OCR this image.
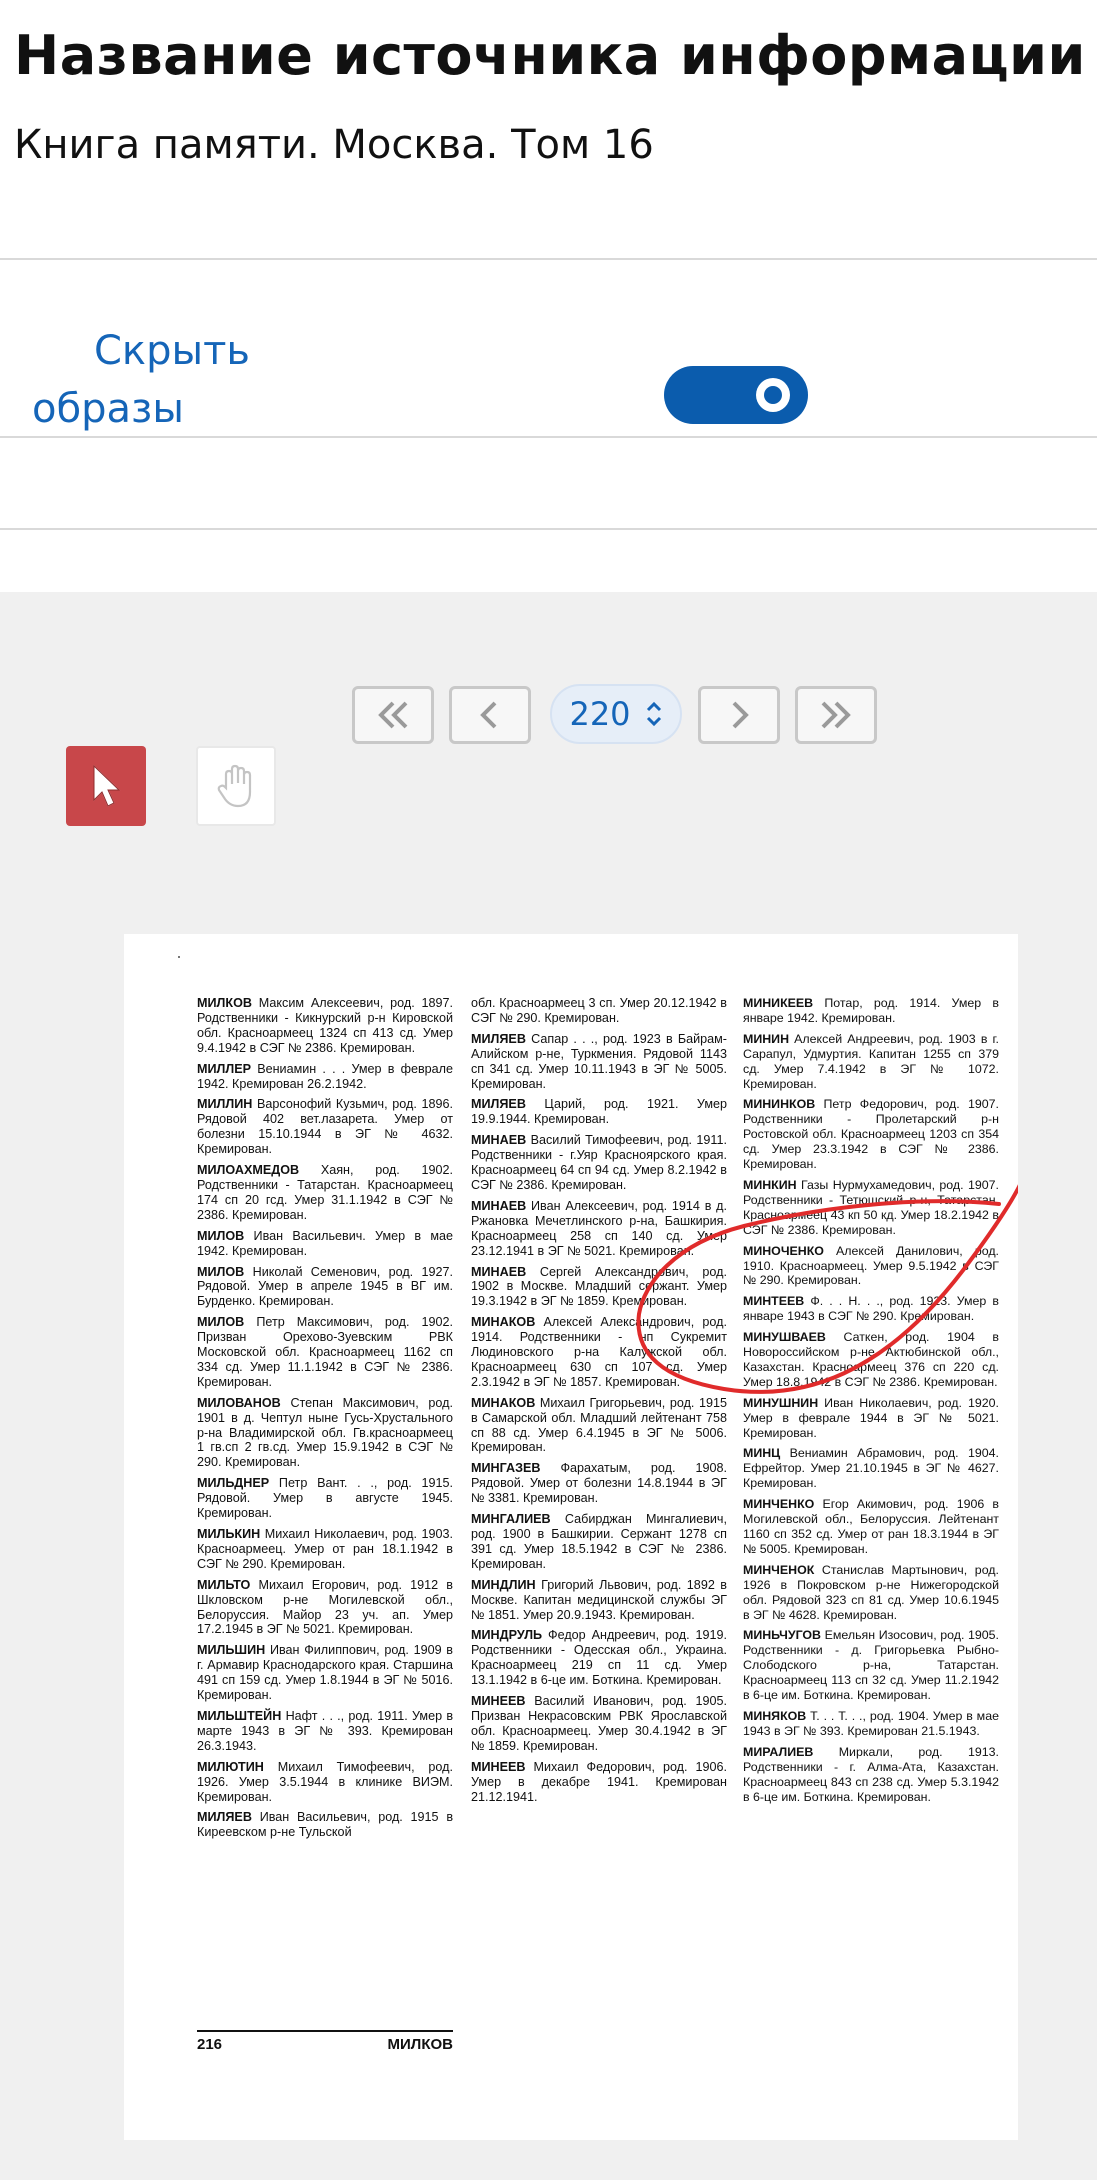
Название источника информации
Книга памяти. Москва. Том 16
Скрыть
образы
220

МИЛКОВ Максим Алексеевич, род. 1897. Родственники - Кикнурский р-н Кировской обл. Красноармеец 1324 сп 413 сд. Умер 9.4.1942 в СЭГ № 2386. Кремирован.

МИЛЛЕР Вениамин . . . Умер в феврале 1942. Кремирован 26.2.1942.

МИЛЛИН Варсонофий Кузьмич, род. 1896. Рядовой 402 вет.лазарета. Умер от болезни 15.10.1944 в ЭГ № 4632. Кремирован.

МИЛОАХМЕДОВ Хаян, род. 1902. Родственники - Татарстан. Красноармеец 174 сп 20 гсд. Умер 31.1.1942 в СЭГ № 2386. Кремирован.

МИЛОВ Иван Васильевич. Умер в мае 1942. Кремирован.

МИЛОВ Николай Семенович, род. 1927. Рядовой. Умер в апреле 1945 в ВГ им. Бурденко. Кремирован.

МИЛОВ Петр Максимович, род. 1902. Призван Орехово-Зуевским РВК Московской обл. Красноармеец 1162 сп 334 сд. Умер 11.1.1942 в СЭГ № 2386. Кремирован.

МИЛОВАНОВ Степан Максимович, род. 1901 в д. Чептул ныне Гусь-Хрустального р-на Владимирской обл. Гв.красноармеец 1 гв.сп 2 гв.сд. Умер 15.9.1942 в СЭГ № 290. Кремирован.

МИЛЬДНЕР Петр Вант. . ., род. 1915. Рядовой. Умер в августе 1945. Кремирован.

МИЛЬКИН Михаил Николаевич, род. 1903. Красноармеец. Умер от ран 18.1.1942 в СЭГ № 290. Кремирован.

МИЛЬТО Михаил Егорович, род. 1912 в Шкловском р-не Могилевской обл., Белоруссия. Майор 23 уч. ап. Умер 17.2.1945 в ЭГ № 5021. Кремирован.

МИЛЬШИН Иван Филиппович, род. 1909 в г. Армавир Краснодарского края. Старшина 491 сп 159 сд. Умер 1.8.1944 в ЭГ № 5016. Кремирован.

МИЛЬШТЕЙН Нафт . . ., род. 1911. Умер в марте 1943 в ЭГ № 393. Кремирован 26.3.1943.

МИЛЮТИН Михаил Тимофеевич, род. 1926. Умер 3.5.1944 в клинике ВИЭМ. Кремирован.

МИЛЯЕВ Иван Васильевич, род. 1915 в Киреевском р-не Тульской

обл. Красноармеец 3 сп. Умер 20.12.1942 в СЭГ № 290. Кремирован.

МИЛЯЕВ Сапар . . ., род. 1923 в Байрам-Алийском р-не, Туркмения. Рядовой 1143 сп 341 сд. Умер 10.11.1943 в ЭГ № 5005. Кремирован.

МИЛЯЕВ Царий, род. 1921. Умер 19.9.1944. Кремирован.

МИНАЕВ Василий Тимофеевич, род. 1911. Родственники - г.Уяр Красноярского края. Красноармеец 64 сп 94 сд. Умер 8.2.1942 в СЭГ № 2386. Кремирован.

МИНАЕВ Иван Алексеевич, род. 1914 в д. Ржановка Мечетлинского р-на, Башкирия. Красноармеец 258 сп 140 сд. Умер 23.12.1941 в ЭГ № 5021. Кремирован.

МИНАЕВ Сергей Александрович, род. 1902 в Москве. Младший сержант. Умер 19.3.1942 в ЭГ № 1859. Кремирован.

МИНАКОВ Алексей Александрович, род. 1914. Родственники - нп Сукремит Людиновского р-на Калужской обл. Красноармеец 630 сп 107 сд. Умер 2.3.1942 в ЭГ № 1857. Кремирован.

МИНАКОВ Михаил Григорьевич, род. 1915 в Самарской обл. Младший лейтенант 758 сп 88 сд. Умер 6.4.1945 в ЭГ № 5006. Кремирован.

МИНГАЗЕВ Фарахатым, род. 1908. Рядовой. Умер от болезни 14.8.1944 в ЭГ № 3381. Кремирован.

МИНГАЛИЕВ Сабирджан Мингалиевич, род. 1900 в Башкирии. Сержант 1278 сп 391 сд. Умер 18.5.1942 в СЭГ № 2386. Кремирован.

МИНДЛИН Григорий Львович, род. 1892 в Москве. Капитан медицинской службы ЭГ № 1851. Умер 20.9.1943. Кремирован.

МИНДРУЛЬ Федор Андреевич, род. 1919. Родственники - Одесская обл., Украина. Красноармеец 219 сп 11 сд. Умер 13.1.1942 в 6-це им. Боткина. Кремирован.

МИНЕЕВ Василий Иванович, род. 1905. Призван Некрасовским РВК Ярославской обл. Красноармеец. Умер 30.4.1942 в ЭГ № 1859. Кремирован.

МИНЕЕВ Михаил Федорович, род. 1906. Умер в декабре 1941. Кремирован 21.12.1941.

МИНИКЕЕВ Потар, род. 1914. Умер в январе 1942. Кремирован.

МИНИН Алексей Андреевич, род. 1903 в г. Сарапул, Удмуртия. Капитан 1255 сп 379 сд. Умер 7.4.1942 в ЭГ № 1072. Кремирован.

МИНИНКОВ Петр Федорович, род. 1907. Родственники - Пролетарский р-н Ростовской обл. Красноармеец 1203 сп 354 сд. Умер 23.3.1942 в СЭГ № 2386. Кремирован.

МИНКИН Газы Нурмухамедович, род. 1907. Родственники - Тетюшский р-н, Татарстан. Красноармеец 43 кп 50 кд. Умер 18.2.1942 в СЭГ № 2386. Кремирован.

МИНОЧЕНКО Алексей Данилович, род. 1910. Красноармеец. Умер 9.5.1942 в СЭГ № 290. Кремирован.

МИНТЕЕВ Ф. . . Н. . ., род. 1923. Умер в январе 1943 в СЭГ № 290. Кремирован.

МИНУШВАЕВ Саткен, род. 1904 в Новороссийском р-не Актюбинской обл., Казахстан. Красноармеец 376 сп 220 сд. Умер 18.8.1942 в СЭГ № 2386. Кремирован.

МИНУШНИН Иван Николаевич, род. 1920. Умер в феврале 1944 в ЭГ № 5021. Кремирован.

МИНЦ Вениамин Абрамович, род. 1904. Ефрейтор. Умер 21.10.1945 в ЭГ № 4627. Кремирован.

МИНЧЕНКО Егор Акимович, род. 1906 в Могилевской обл., Белоруссия. Лейтенант 1160 сп 352 сд. Умер от ран 18.3.1944 в ЭГ № 5005. Кремирован.

МИНЧЕНОК Станислав Мартынович, род. 1926 в Покровском р-не Нижегородской обл. Рядовой 323 сп 81 сд. Умер 10.6.1945 в ЭГ № 4628. Кремирован.

МИНЬЧУГОВ Емельян Изосович, род. 1905. Родственники - д. Григорьевка Рыбно-Слободского р-на, Татарстан. Красноармеец 113 сп 32 сд. Умер 11.2.1942 в 6-це им. Боткина. Кремирован.

МИНЯКОВ Т. . . Т. . ., род. 1904. Умер в мае 1943 в ЭГ № 393. Кремирован 21.5.1943.

МИРАЛИЕВ Миркали, род. 1913. Родственники - г. Алма-Ата, Казахстан. Красноармеец 843 сп 238 сд. Умер 5.3.1942 в 6-це им. Боткина. Кремирован.

216	МИЛКОВ
